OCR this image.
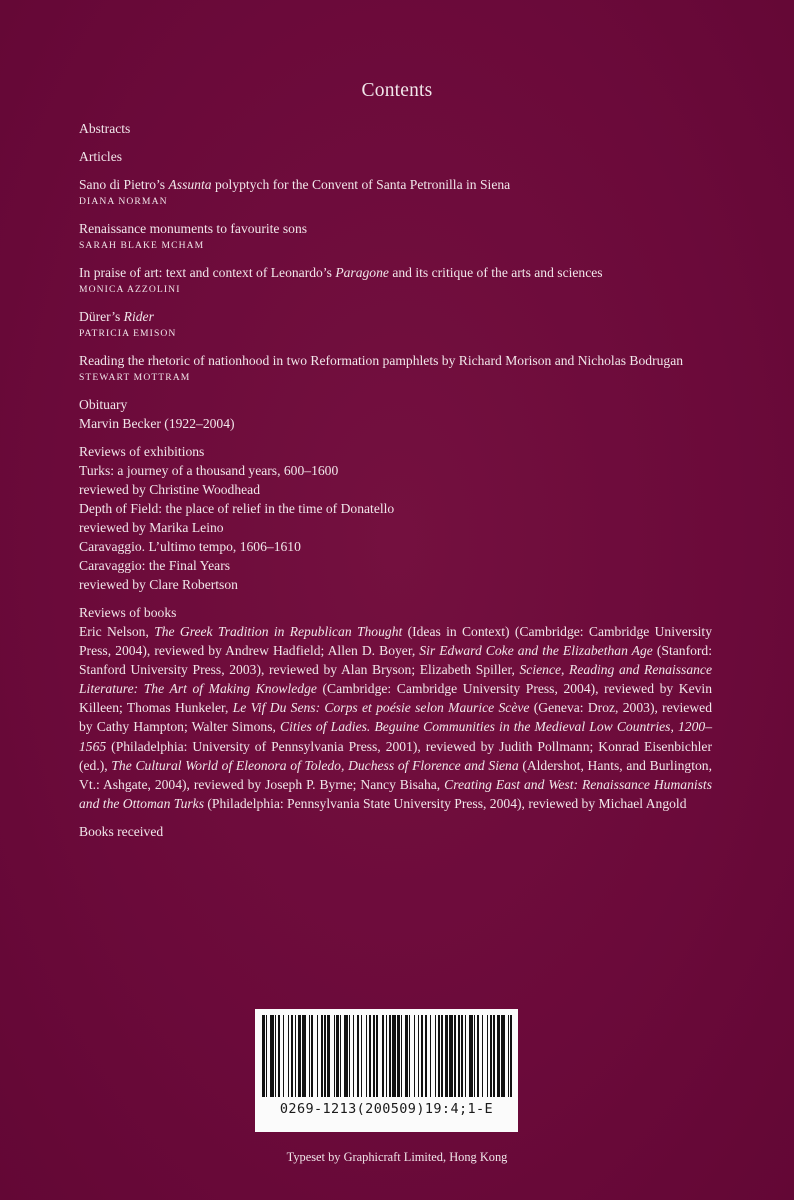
Contents

Abstracts

Articles

Sano di Pietro’s Assunta polyptych for the Convent of Santa Petronilla in Siena

DIANA NORMAN

Renaissance monuments to favourite sons

SARAH BLAKE MCHAM

In praise of art: text and context of Leonardo’s Paragone and its critique of the arts and sciences

MONICA AZZOLINI

Dürer’s Rider

PATRICIA EMISON

Reading the rhetoric of nationhood in two Reformation pamphlets by Richard Morison and Nicholas Bodrugan

STEWART MOTTRAM

Obituary

Marvin Becker (1922–2004)

Reviews of exhibitions

Turks: a journey of a thousand years, 600–1600

reviewed by Christine Woodhead

Depth of Field: the place of relief in the time of Donatello

reviewed by Marika Leino

Caravaggio. L’ultimo tempo, 1606–1610

Caravaggio: the Final Years

reviewed by Clare Robertson

Reviews of books

Eric Nelson, The Greek Tradition in Republican Thought (Ideas in Context) (Cambridge: Cambridge University Press, 2004), reviewed by Andrew Hadfield; Allen D. Boyer, Sir Edward Coke and the Elizabethan Age (Stanford: Stanford University Press, 2003), reviewed by Alan Bryson; Elizabeth Spiller, Science, Reading and Renaissance Literature: The Art of Making Knowledge (Cambridge: Cambridge University Press, 2004), reviewed by Kevin Killeen; Thomas Hunkeler, Le Vif Du Sens: Corps et poésie selon Maurice Scève (Geneva: Droz, 2003), reviewed by Cathy Hampton; Walter Simons, Cities of Ladies. Beguine Communities in the Medieval Low Countries, 1200–1565 (Philadelphia: University of Pennsylvania Press, 2001), reviewed by Judith Pollmann; Konrad Eisenbichler (ed.), The Cultural World of Eleonora of Toledo, Duchess of Florence and Siena (Aldershot, Hants, and Burlington, Vt.: Ashgate, 2004), reviewed by Joseph P. Byrne; Nancy Bisaha, Creating East and West: Renaissance Humanists and the Ottoman Turks (Philadelphia: Pennsylvania State University Press, 2004), reviewed by Michael Angold

Books received

0269-1213(200509)19:4;1-E
Typeset by Graphicraft Limited, Hong Kong
